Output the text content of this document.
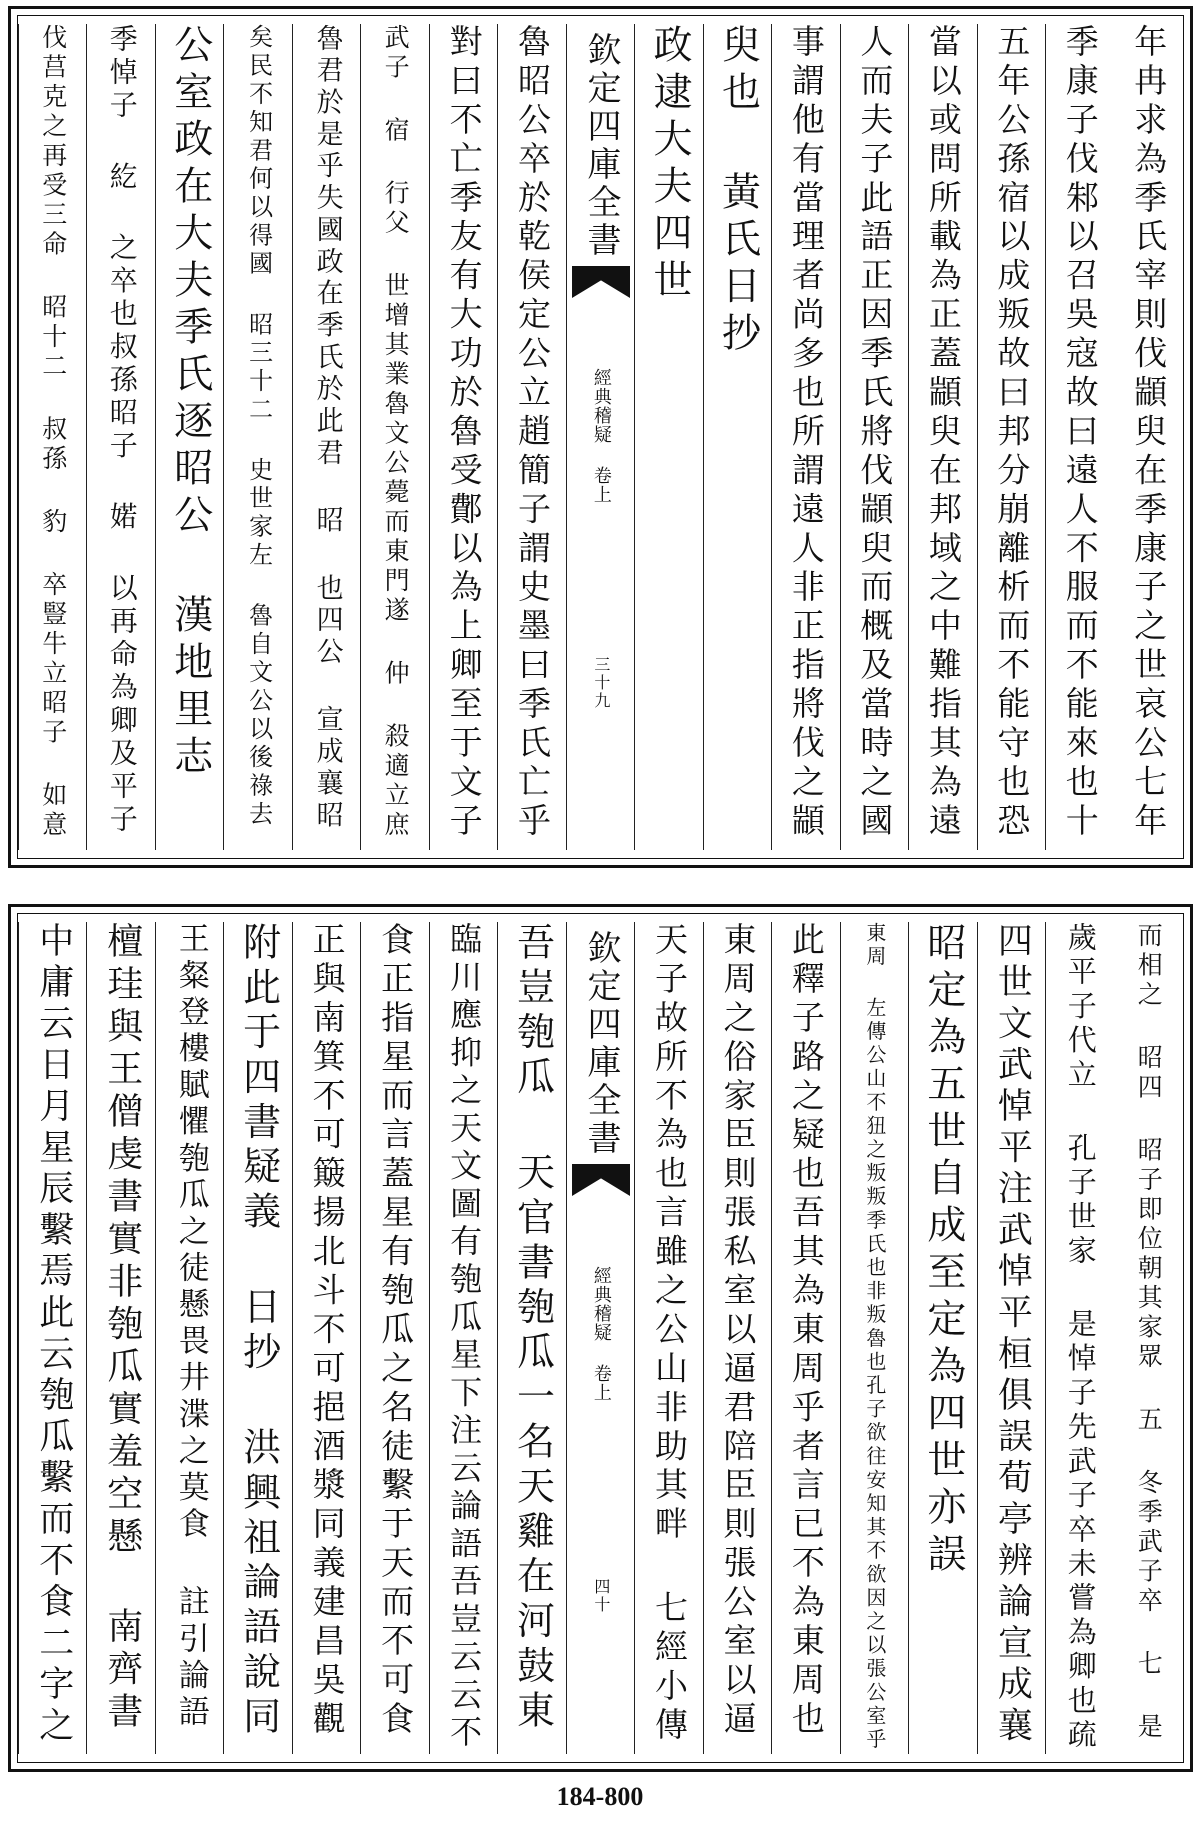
年冉求為季氏宰則伐顓臾在季康子之世哀公七年
季康子伐邾以召吳寇故曰遠人不服而不能來也十
五年公孫宿以成叛故曰邦分崩離析而不能守也恐
當以或問所載為正蓋顓臾在邦域之中難指其為遠
人而夫子此語正因季氏將伐顓臾而概及當時之國
事謂他有當理者尚多也所謂遠人非正指將伐之顓
臾也 黃氏日抄
政逮大夫四世
欽定四庫全書
經典稽疑 卷上
三十九
魯昭公卒於乾侯定公立趙簡子謂史墨曰季氏亡乎
對曰不亡季友有大功於魯受鄪以為上卿至于文子
武子 宿 行父 世增其業魯文公薨而東門遂 仲 殺適立庶
魯君於是乎失國政在季氏於此君 昭 也四公 宣成襄昭
矣民不知君何以得國 昭三十二 史世家左 魯自文公以後祿去
公室政在大夫季氏逐昭公 漢地里志
季悼子 紇 之卒也叔孫昭子 婼 以再命為卿及平子
伐莒克之再受三命 昭十二 叔孫 豹 卒豎牛立昭子 如意
而相之 昭四 昭子即位朝其家眾 五 冬季武子卒 七 是
歲平子代立 孔子世家 是悼子先武子卒未嘗為卿也疏
四世文武悼平注武悼平桓俱誤荀亭辨論宣成襄
昭定為五世自成至定為四世亦誤
東周 左傳公山不狃之叛叛季氏也非叛魯也孔子欲往安知其不欲因之以張公室乎
此釋子路之疑也吾其為東周乎者言已不為東周也
東周之俗家臣則張私室以逼君陪臣則張公室以逼
天子故所不為也言雖之公山非助其畔 七經小傳
欽定四庫全書
經典稽疑 卷上
四十
吾豈匏瓜 天官書匏瓜一名天雞在河鼓東
臨川應抑之天文圖有匏瓜星下注云論語吾豈云云不
食正指星而言蓋星有匏瓜之名徒繫于天而不可食
正與南箕不可簸揚北斗不可挹酒漿同義建昌吳觀
附此于四書疑義 日抄 洪興祖論語說同
王粲登樓賦懼匏瓜之徒懸畏井渫之莫食 註引論語
檀珪與王僧虔書實非匏瓜實羞空懸 南齊書
中庸云日月星辰繫焉此云匏瓜繫而不食二字之
184-800
